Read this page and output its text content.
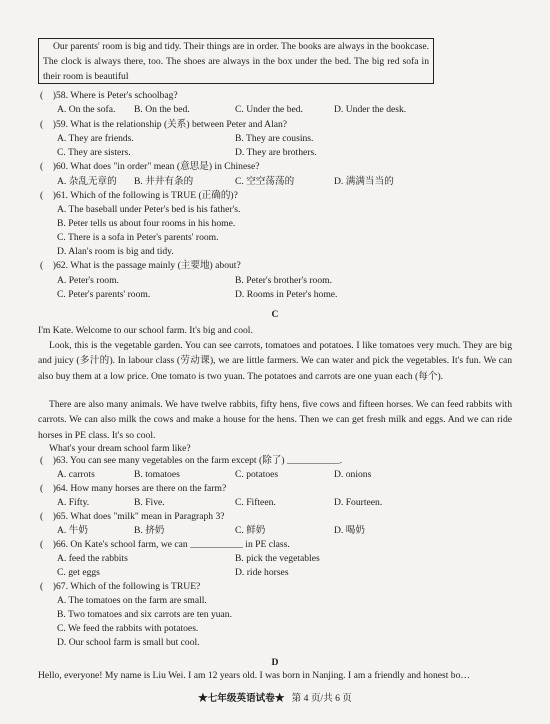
Our parents' room is big and tidy. Their things are in order. The books are always in the bookcase. The clock is always there, too. The shoes are always in the box under the bed. The big red sofa in their room is beautiful

(    )58. Where is Peter's schoolbag?
A. On the sofa. B. On the bed.	C. Under the bed.	D. Under the desk.
(    )59. What is the relationship (关系) between Peter and Alan?
A. They are friends.	B. They are cousins.
C. They are sisters.	D. They are brothers.
(    )60. What does "in order" mean (意思是) in Chinese?
A. 杂乱无章的 B. 井井有条的	C. 空空荡荡的	D. 满满当当的
(    )61. Which of the following is TRUE (正确的)?
A. The baseball under Peter's bed is his father's.
B. Peter tells us about four rooms in his home.
C. There is a sofa in Peter's parents' room.
D. Alan's room is big and tidy.
(    )62. What is the passage mainly (主要地) about?
A. Peter's room.	B. Peter's brother's room.
C. Peter's parents' room.	D. Rooms in Peter's home.
C
I'm Kate. Welcome to our school farm. It's big and cool.
Look, this is the vegetable garden. You can see carrots, tomatoes and potatoes. I like tomatoes very much. They are big and juicy (多汁的). In labour class (劳动课), we are little farmers. We can water and pick the vegetables. It's fun. We can also buy them at a low price. One tomato is two yuan. The potatoes and carrots are one yuan each (每个).
There are also many animals. We have twelve rabbits, fifty hens, five cows and fifteen horses. We can feed rabbits with carrots. We can also milk the cows and make a house for the hens. Then we can get fresh milk and eggs. And we can ride horses in PE class. It's so cool.
What's your dream school farm like?
(    )63. You can see many vegetables on the farm except (除了) ___________.
A. carrots	B. tomatoes	C. potatoes	D. onions
(    )64. How many horses are there on the farm?
A. Fifty.	B. Five.	C. Fifteen.	D. Fourteen.
(    )65. What does "milk" mean in Paragraph 3?
A. 牛奶	B. 挤奶	C. 鲜奶	D. 喝奶
(    )66. On Kate's school farm, we can ___________ in PE class.
A. feed the rabbits	B. pick the vegetables
C. get eggs	D. ride horses
(    )67. Which of the following is TRUE?
A. The tomatoes on the farm are small.
B. Two tomatoes and six carrots are ten yuan.
C. We feed the rabbits with potatoes.
D. Our school farm is small but cool.
D
Hello, everyone! My name is Liu Wei. I am 12 years old. I was born in Nanjing. I am a friendly and honest bo…
★七年级英语试卷★ 第 4 页/共 6 页
